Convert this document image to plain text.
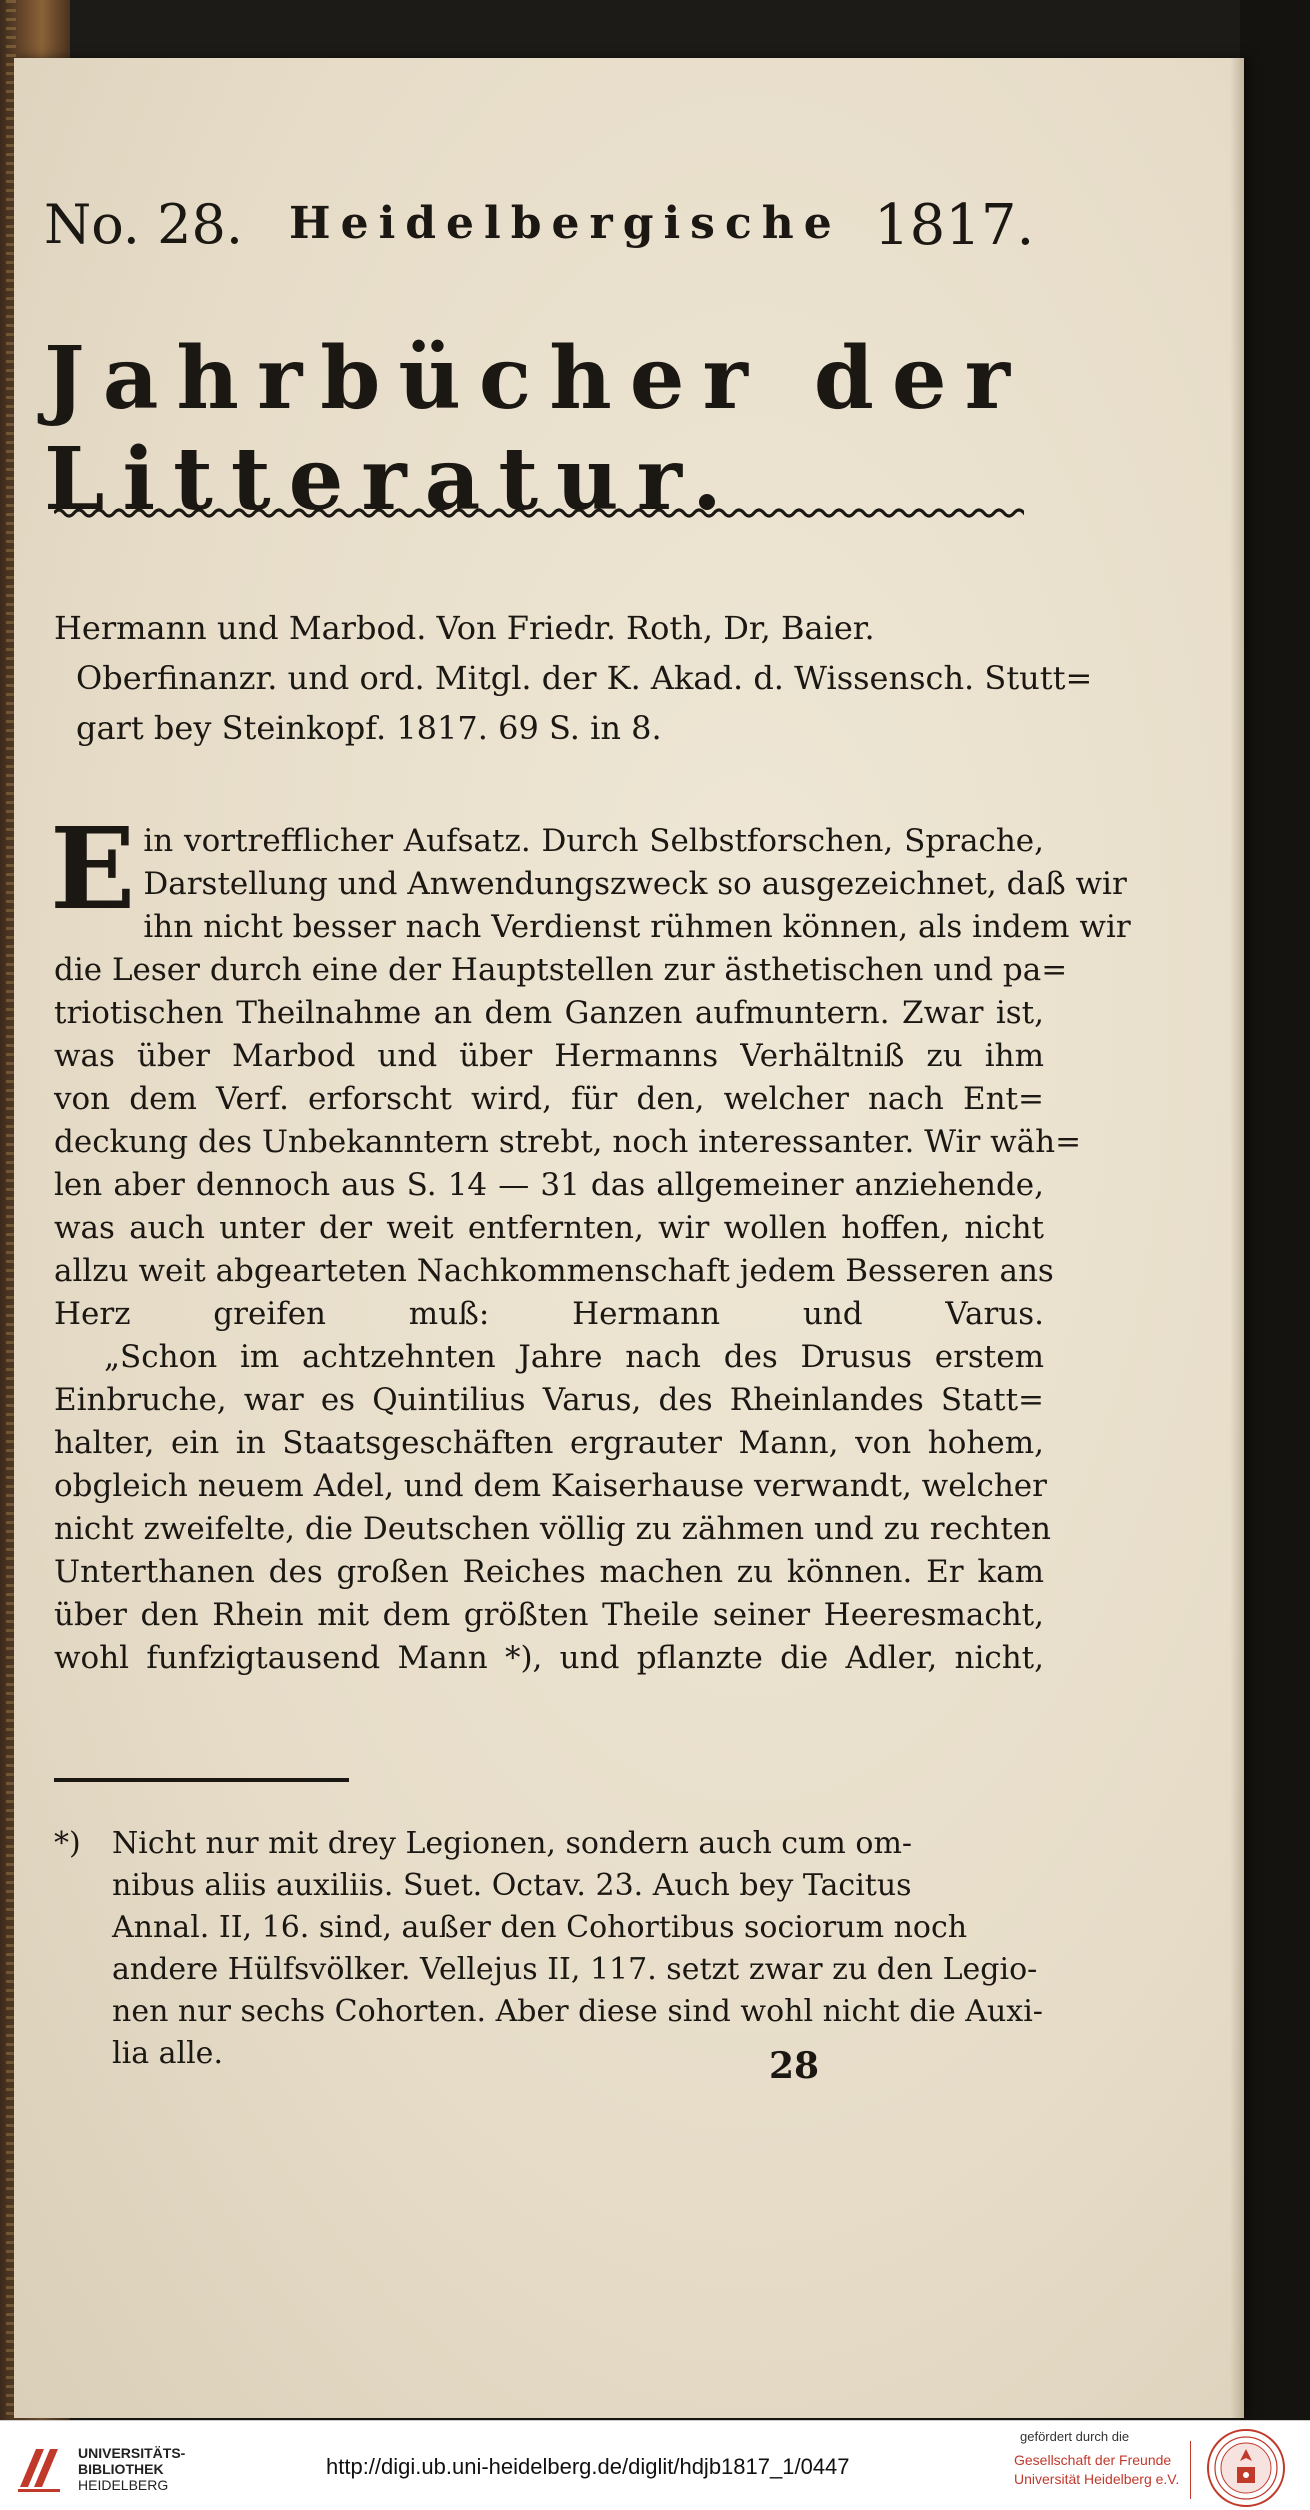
No. 28. Heidelbergische 1817.
Jahrbücher der Litteratur.
Hermann und Marbod. Von Friedr. Roth, Dr, Baier.
Oberfinanzr. und ord. Mitgl. der K. Akad. d. Wissensch. Stutt=
gart bey Steinkopf. 1817. 69 S. in 8.
E in vortrefflicher Aufsatz. Durch Selbstforschen, Sprache,
Darstellung und Anwendungszweck so ausgezeichnet, daß wir
ihn nicht besser nach Verdienst rühmen können, als indem wir
die Leser durch eine der Hauptstellen zur ästhetischen und pa=
triotischen Theilnahme an dem Ganzen aufmuntern. Zwar ist,
was über Marbod und über Hermanns Verhältniß zu ihm
von dem Verf. erforscht wird, für den, welcher nach Ent=
deckung des Unbekanntern strebt, noch interessanter. Wir wäh=
len aber dennoch aus S. 14 — 31 das allgemeiner anziehende,
was auch unter der weit entfernten, wir wollen hoffen, nicht
allzu weit abgearteten Nachkommenschaft jedem Besseren ans
Herz greifen muß: Hermann und Varus.
„Schon im achtzehnten Jahre nach des Drusus erstem
Einbruche, war es Quintilius Varus, des Rheinlandes Statt=
halter, ein in Staatsgeschäften ergrauter Mann, von hohem,
obgleich neuem Adel, und dem Kaiserhause verwandt, welcher
nicht zweifelte, die Deutschen völlig zu zähmen und zu rechten
Unterthanen des großen Reiches machen zu können. Er kam
über den Rhein mit dem größten Theile seiner Heeresmacht,
wohl funfzigtausend Mann *), und pflanzte die Adler, nicht,
*) Nicht nur mit drey Legionen, sondern auch cum om-
nibus aliis auxiliis. Suet. Octav. 23. Auch bey Tacitus
Annal. II, 16. sind, außer den Cohortibus sociorum noch
andere Hülfsvölker. Vellejus II, 117. setzt zwar zu den Legio-
nen nur sechs Cohorten. Aber diese sind wohl nicht die Auxi-
lia alle.	28
UNIVERSITÄTS-
BIBLIOTHEK
HEIDELBERG
http://digi.ub.uni-heidelberg.de/diglit/hdjb1817_1/0447
gefördert durch die
Gesellschaft der Freunde
Universität Heidelberg e.V.
